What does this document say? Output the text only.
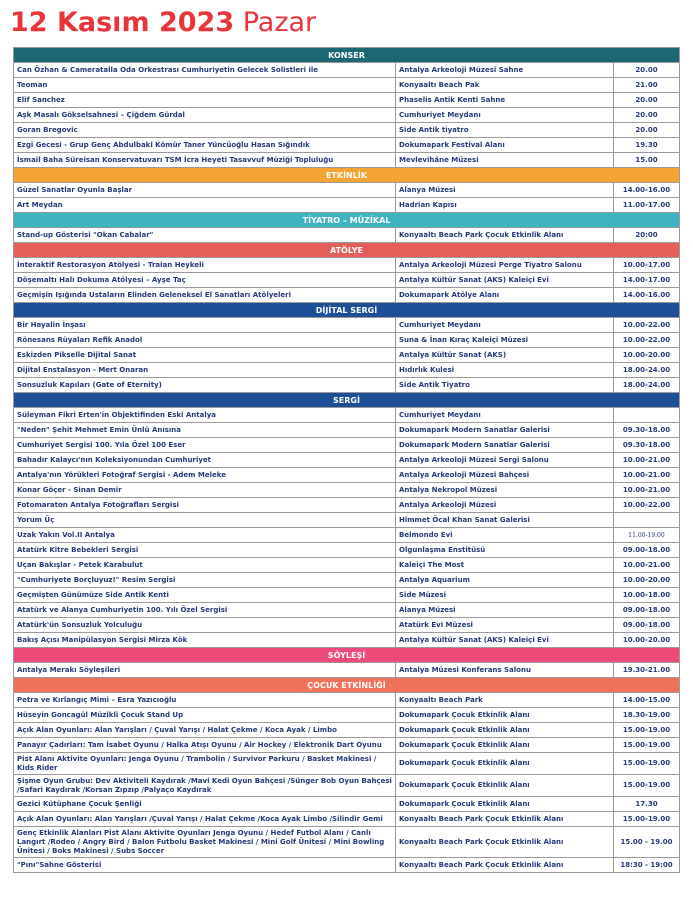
12 Kasım 2023 Pazar
KONSER		
Can Özhan & Cameratalla Oda Orkestrası Cumhuriyetin Gelecek Solistleri ile	Antalya Arkeoloji Müzesi Sahne	20.00
Teoman	Konyaaltı Beach Pak	21.00
Elif Sanchez	Phaselis Antik Kenti Sahne	20.00
Aşk Masalı Gökselsahnesi – Çiğdem Gürdal	Cumhuriyet Meydanı	20.00
Goran Bregovic	Side Antik tiyatro	20.00
Ezgi Gecesi - Grup Genç Abdulbaki Kömür Taner Yüncüoğlu Hasan Sığındık	Dokumapark Festival Alanı	19.30
İsmail Baha Süreisan Konservatuvarı TSM İcra Heyeti Tasavvuf Müziği Topluluğu	Mevlevihâne Müzesi	15.00
ETKİNLİK		
Güzel Sanatlar Oyunla Başlar	Alanya Müzesi	14.00-16.00
Art Meydan	Hadrian Kapısı	11.00-17.00
TİYATRO – MÜZİKAL		
Stand-up Gösterisi "Okan Cabalar"	Konyaaltı Beach Park Çocuk Etkinlik Alanı	20:00
ATÖLYE		
İnteraktif Restorasyon Atölyesi - Traian Heykeli	Antalya Arkeoloji Müzesi Perge Tiyatro Salonu	10.00-17.00
Döşemaltı Halı Dokuma Atölyesi – Ayşe Taç	Antalya Kültür Sanat (AKS) Kaleiçi Evi	14.00-17.00
Geçmişin Işığında Ustaların Elinden Geleneksel El Sanatları Atölyeleri	Dokumapark Atölye Alanı	14.00-16.00
DİJİTAL SERGİ		
Bir Hayalin İnşası	Cumhuriyet Meydanı	10.00-22.00
Rönesans Rüyaları Refik Anadol	Suna & İnan Kıraç Kaleiçi Müzesi	10.00-22.00
Eskizden Pikselle Dijital Sanat	Antalya Kültür Sanat (AKS)	10.00-20.00
Dijital Enstalasyon - Mert Onaran	Hıdırlık Kulesi	18.00-24.00
Sonsuzluk Kapıları (Gate of Eternity)	Side Antik Tiyatro	18.00-24.00
SERGİ		
Süleyman Fikri Erten'in Objektifinden Eski Antalya	Cumhuriyet Meydanı	
"Neden" Şehit Mehmet Emin Ünlü Anısına	Dokumapark Modern Sanatlar Galerisi	09.30-18.00
Cumhuriyet Sergisi 100. Yıla Özel 100 Eser	Dokumapark Modern Sanatlar Galerisi	09.30-18.00
Bahadır Kalaycı'nın Koleksiyonundan Cumhuriyet	Antalya Arkeoloji Müzesi Sergi Salonu	10.00-21.00
Antalya'nın Yörükleri Fotoğraf Sergisi - Adem Meleke	Antalya Arkeoloji Müzesi Bahçesi	10.00-21.00
Konar Göçer - Sinan Demir	Antalya Nekropol Müzesi	10.00-21.00
Fotomaraton Antalya Fotoğrafları Sergisi	Antalya Arkeoloji Müzesi	10.00-22.00
Yorum Üç	Himmet Öcal Khan Sanat Galerisi	
Uzak Yakın Vol.II Antalya	Belmondo Evi	11.00-19.00
Atatürk Kitre Bebekleri Sergisi	Olgunlaşma Enstitüsü	09.00-18.00
Uçan Bakışlar - Petek Karabulut	Kaleiçi The Most	10.00-21.00
"Cumhuriyete Borçluyuz!" Resim Sergisi	Antalya Aquarium	10.00-20.00
Geçmişten Günümüze Side Antik Kenti	Side Müzesi	10.00-18.00
Atatürk ve Alanya Cumhuriyetin 100. Yılı Özel Sergisi	Alanya Müzesi	09.00-18.00
Atatürk'ün Sonsuzluk Yolculuğu	Atatürk Evi Müzesi	09.00-18.00
Bakış Açısı Manipülasyon Sergisi Mirza Kök	Antalya Kültür Sanat (AKS) Kaleiçi Evi	10.00-20.00
SÖYLEŞİ		
Antalya Merakı Söyleşileri	Antalya Müzesi Konferans Salonu	19.30-21.00
ÇOCUK ETKİNLİĞİ		
Petra ve Kırlangıç Mimi – Esra Yazıcıoğlu	Konyaaltı Beach Park	14.00-15.00
Hüseyin Goncagül Müzikli Çocuk Stand Up	Dokumapark Çocuk Etkinlik Alanı	18.30-19.00
Açık Alan Oyunları: Alan Yarışları / Çuval Yarışı / Halat Çekme / Koca Ayak / Limbo	Dokumapark Çocuk Etkinlik Alanı	15.00-19.00
Panayır Çadırları: Tam İsabet Oyunu / Halka Atışı Oyunu / Air Hockey / Elektronik Dart Oyunu	Dokumapark Çocuk Etkinlik Alanı	15.00-19.00
Pist Alanı Aktivite Oyunları: Jenga Oyunu / Trambolin / Survivor Parkuru / Basket Makinesi / Kids Rider	Dokumapark Çocuk Etkinlik Alanı	15.00-19.00
Şişme Oyun Grubu: Dev Aktiviteli Kaydırak /Mavi Kedi Oyun Bahçesi /Sünger Bob Oyun Bahçesi /Safari Kaydırak /Korsan Zıpzıp /Palyaço Kaydırak	Dokumapark Çocuk Etkinlik Alanı	15.00-19.00
Gezici Kütüphane Çocuk Şenliği	Dokumapark Çocuk Etkinlik Alanı	17.30
Açık Alan Oyunları: Alan Yarışları /Çuval Yarışı / Halat Çekme /Koca Ayak Limbo /Silindir Gemi	Konyaaltı Beach Park Çocuk Etkinlik Alanı	15.00-19.00
Genç Etkinlik Alanları Pist Alanı Aktivite Oyunları Jenga Oyunu / Hedef Futbol Alanı / Canlı Langırt /Rodeo / Angry Bird / Balon Futbolu Basket Makinesi / Mini Golf Ünitesi / Mini Bowling Ünitesi / Boks Makinesi / Subs Soccer	Konyaaltı Beach Park Çocuk Etkinlik Alanı	15.00 - 19.00
"Pını"Sahne Gösterisi	Konyaaltı Beach Park Çocuk Etkinlik Alanı	18:30 - 19:00
